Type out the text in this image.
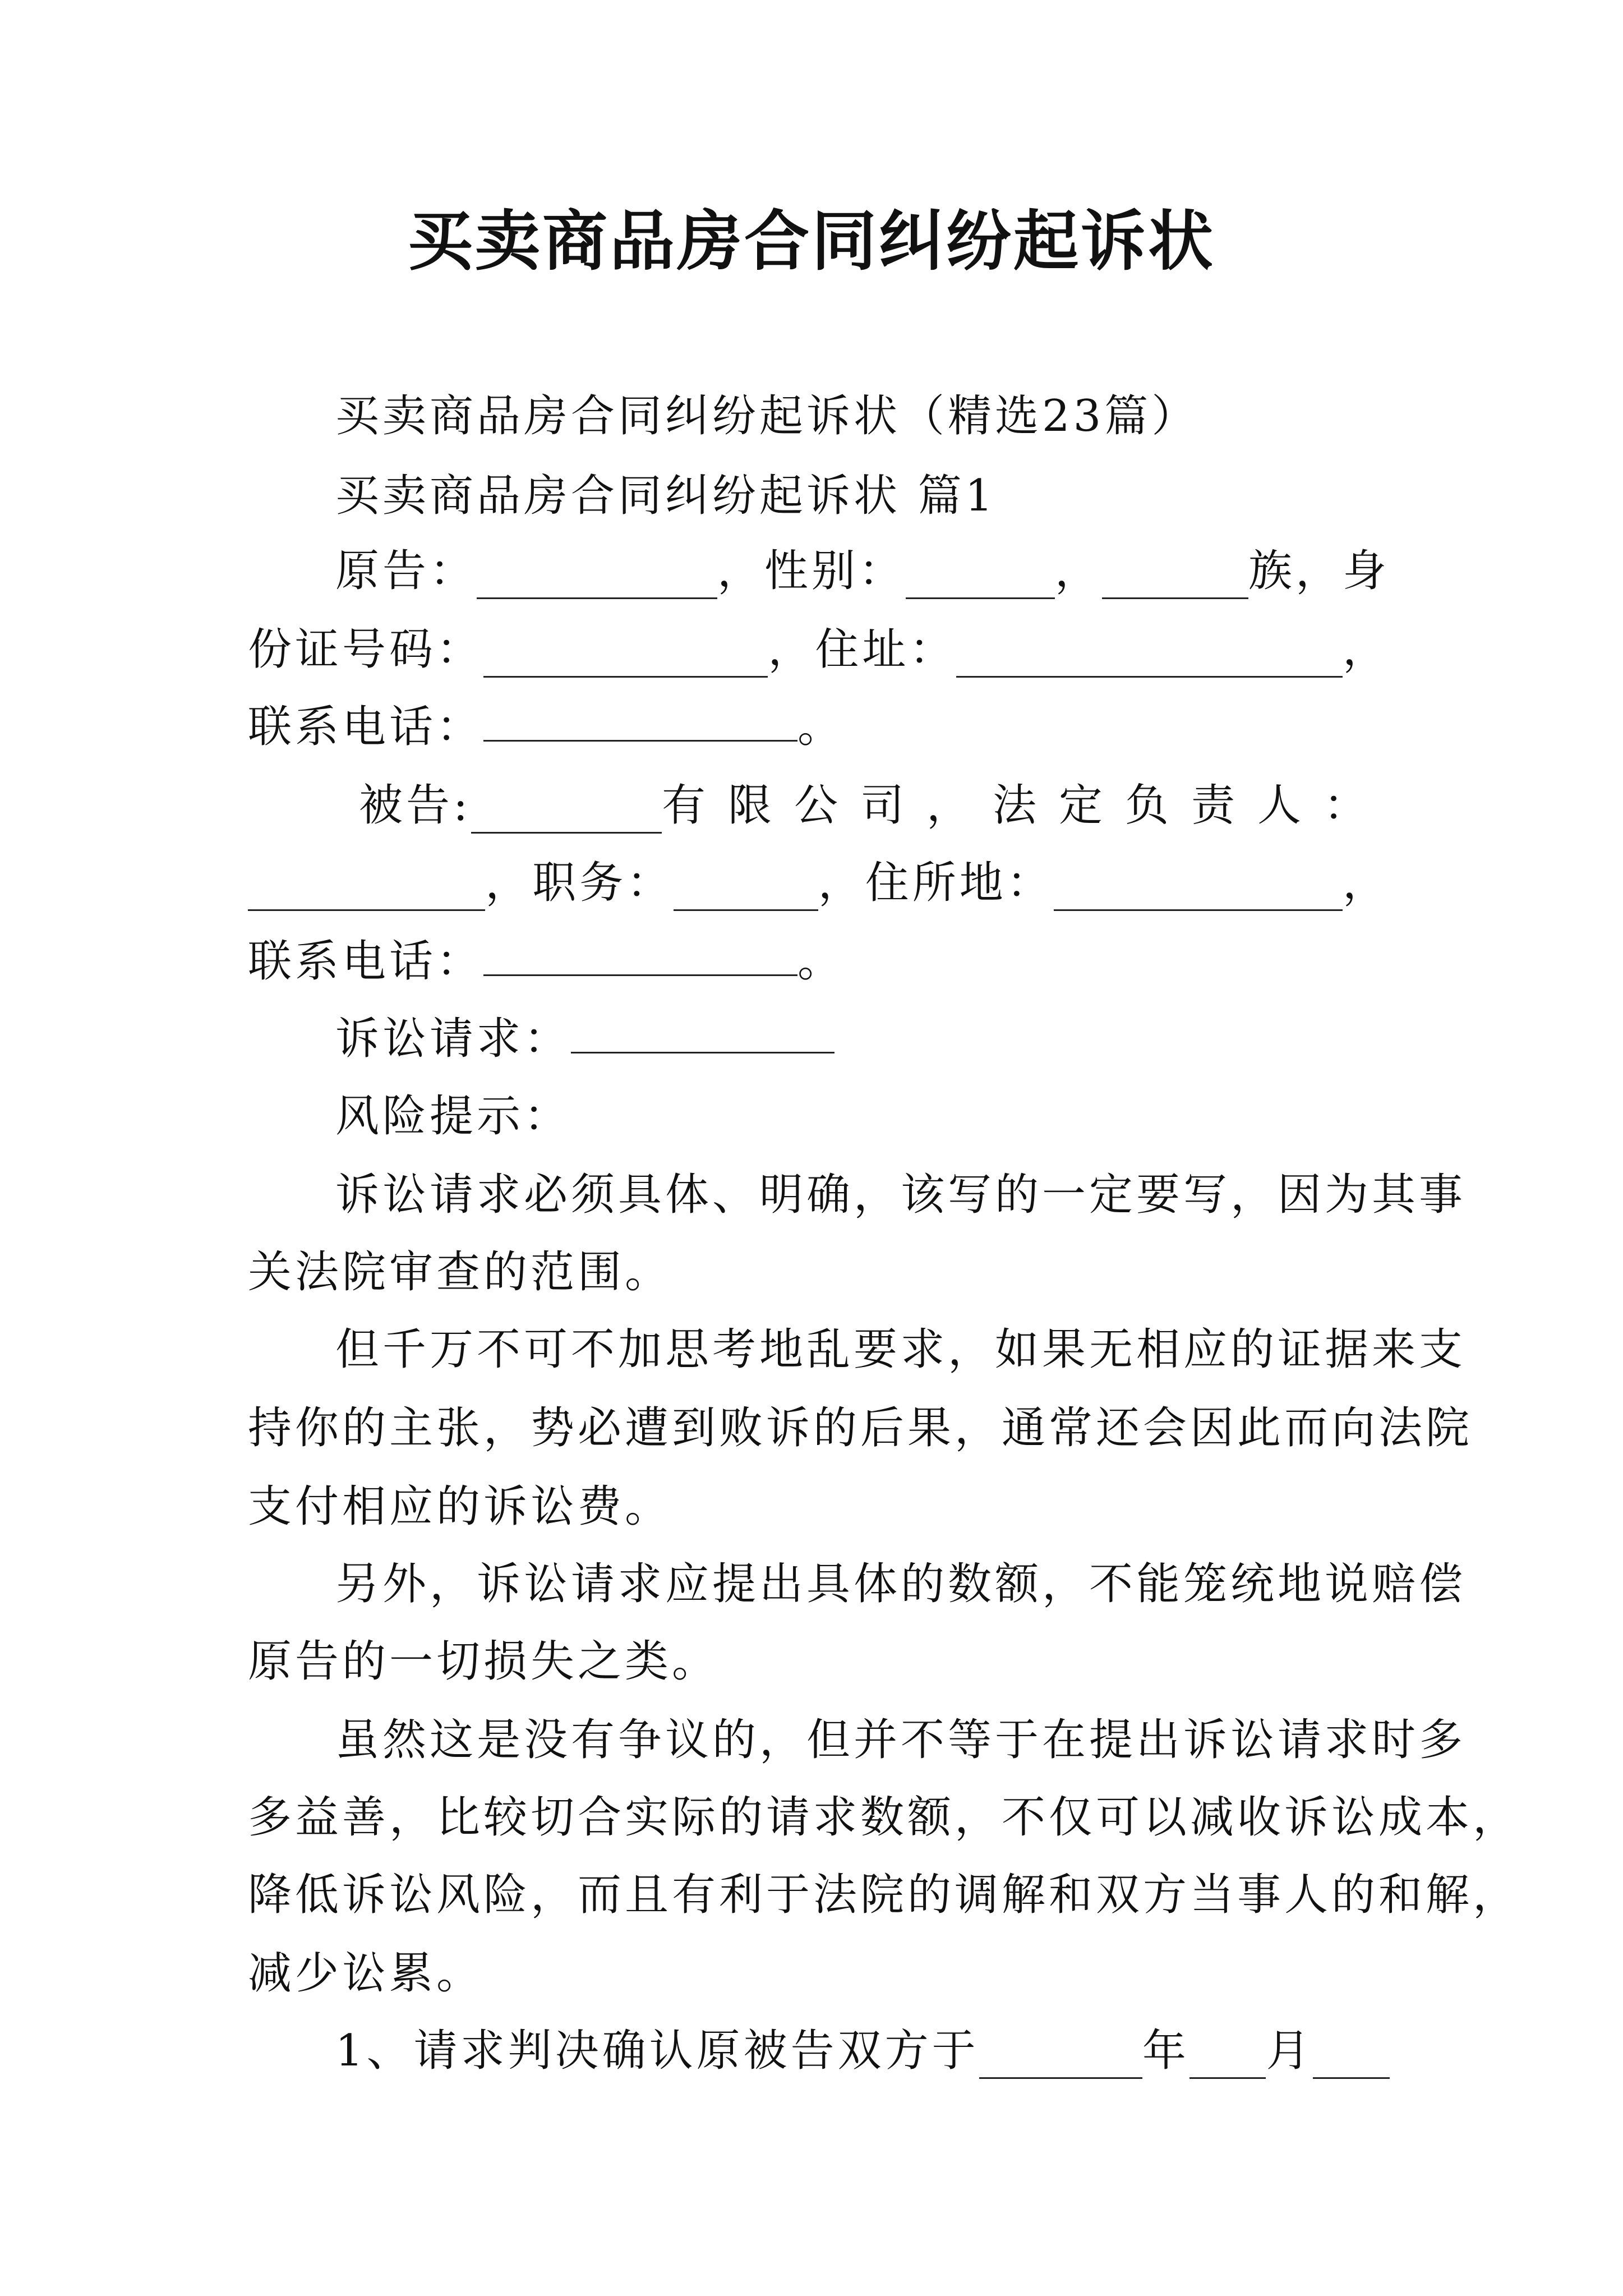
买卖商品房合同纠纷起诉状
买卖商品房合同纠纷起诉状（精选23篇）
买卖商品房合同纠纷起诉状 篇1
原告：	，性别：	，	族，身
份证号码：	，住址：	，
联系电话：	。
被告:	有限公司，法定负责人：
，职务：	，住所地：	，
联系电话：	。
诉讼请求：
风险提示：
诉讼请求必须具体、明确，该写的一定要写，因为其事
关法院审查的范围。
但千万不可不加思考地乱要求，如果无相应的证据来支
持你的主张，势必遭到败诉的后果，通常还会因此而向法院
支付相应的诉讼费。
另外，诉讼请求应提出具体的数额，不能笼统地说赔偿
原告的一切损失之类。
虽然这是没有争议的，但并不等于在提出诉讼请求时多
多益善，比较切合实际的请求数额，不仅可以减收诉讼成本，
降低诉讼风险，而且有利于法院的调解和双方当事人的和解，
减少讼累。
1、请求判决确认原被告双方于	年 月
